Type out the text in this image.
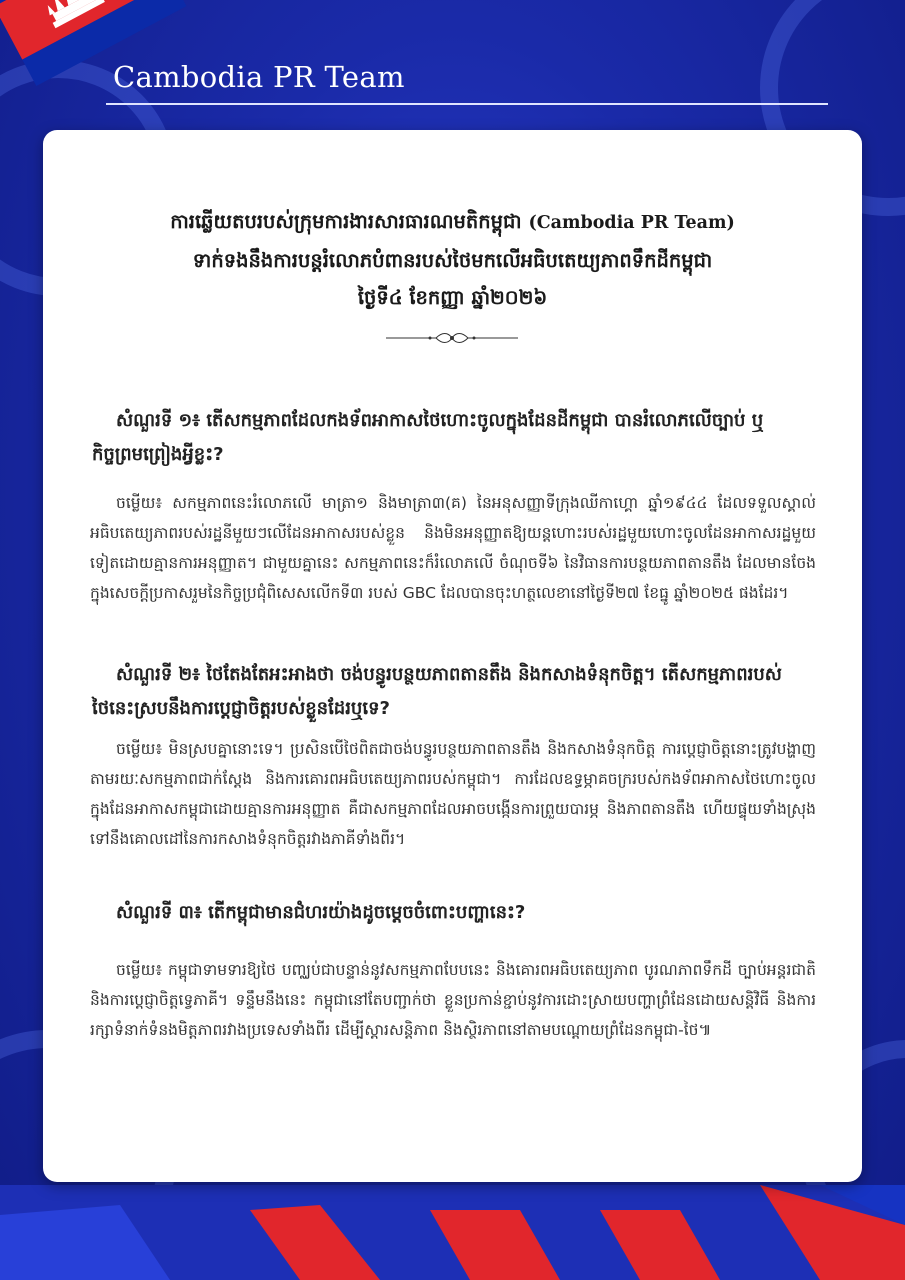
Cambodia PR Team
ការឆ្លើយតបរបស់ក្រុមការងារសារធារណមតិកម្ពុជា (Cambodia PR Team)
ទាក់ទងនឹងការបន្តរំលោភបំពានរបស់ថៃមកលើអធិបតេយ្យភាពទឹកដីកម្ពុជា
ថ្ងៃទី៤ ខែកញ្ញា ឆ្នាំ២០២៦
សំណួរទី ១៖ តើសកម្មភាពដែលកងទ័ពអាកាសថៃហោះចូលក្នុងដែនដីកម្ពុជា បានរំលោភលើច្បាប់ ឬ
កិច្ចព្រមព្រៀងអ្វីខ្លះ?
ចម្លើយ៖ សកម្មភាពនេះរំលោភលើ មាត្រា១ និងមាត្រា៣(គ) នៃអនុសញ្ញាទីក្រុងឈីកាហ្គោ ឆ្នាំ១៩៤៤ ដែលទទួលស្គាល់អធិបតេយ្យភាពរបស់រដ្ឋនីមួយៗលើដែនអាកាសរបស់ខ្លួន និងមិនអនុញ្ញាតឱ្យយន្តហោះរបស់រដ្ឋមួយហោះចូលដែនអាកាសរដ្ឋមួយទៀតដោយគ្មានការអនុញ្ញាត។ ជាមួយគ្នានេះ សកម្មភាពនេះក៏រំលោភលើ ចំណុចទី៦ នៃវិធានការបន្ថយភាពតានតឹង ដែលមានចែងក្នុងសេចក្ដីប្រកាសរួមនៃកិច្ចប្រជុំពិសេសលើកទី៣ របស់ GBC ដែលបានចុះហត្ថលេខានៅថ្ងៃទី២៧ ខែធ្នូ ឆ្នាំ២០២៥ ផងដែរ។
សំណួរទី ២៖ ថៃតែងតែអះអាងថា ចង់បន្ធូរបន្ថយភាពតានតឹង និងកសាងទំនុកចិត្ត។ តើសកម្មភាពរបស់
ថៃនេះស្របនឹងការប្ដេជ្ញាចិត្តរបស់ខ្លួនដែរឬទេ?
ចម្លើយ៖ មិនស្របគ្នានោះទេ។ ប្រសិនបើថៃពិតជាចង់បន្ធូរបន្ថយភាពតានតឹង និងកសាងទំនុកចិត្ត ការប្ដេជ្ញាចិត្តនោះត្រូវបង្ហាញតាមរយៈសកម្មភាពជាក់ស្ដែង និងការគោរពអធិបតេយ្យភាពរបស់កម្ពុជា។ ការដែលឧទ្ធម្ភាគចក្ររបស់កងទ័ពអាកាសថៃហោះចូលក្នុងដែនអាកាសកម្ពុជាដោយគ្មានការអនុញ្ញាត គឺជាសកម្មភាពដែលអាចបង្កើនការព្រួយបារម្ភ និងភាពតានតឹង ហើយផ្ទុយទាំងស្រុងទៅនឹងគោលដៅនៃការកសាងទំនុកចិត្តរវាងភាគីទាំងពីរ។
សំណួរទី ៣៖ តើកម្ពុជាមានជំហរយ៉ាងដូចម្ដេចចំពោះបញ្ហានេះ?
ចម្លើយ៖ កម្ពុជាទាមទារឱ្យថៃ បញ្ឈប់ជាបន្ទាន់នូវសកម្មភាពបែបនេះ និងគោរពអធិបតេយ្យភាព បូរណភាពទឹកដី ច្បាប់អន្តរជាតិ និងការប្ដេជ្ញាចិត្តទ្វេភាគី។ ទន្ទឹមនឹងនេះ កម្ពុជានៅតែបញ្ជាក់ថា ខ្លួនប្រកាន់ខ្ជាប់នូវការដោះស្រាយបញ្ហាព្រំដែនដោយសន្តិវិធី និងការរក្សាទំនាក់ទំនងមិត្តភាពរវាងប្រទេសទាំងពីរ ដើម្បីស្ដារសន្តិភាព និងស្ថិរភាពនៅតាមបណ្ដោយព្រំដែនកម្ពុជា-ថៃ៕
